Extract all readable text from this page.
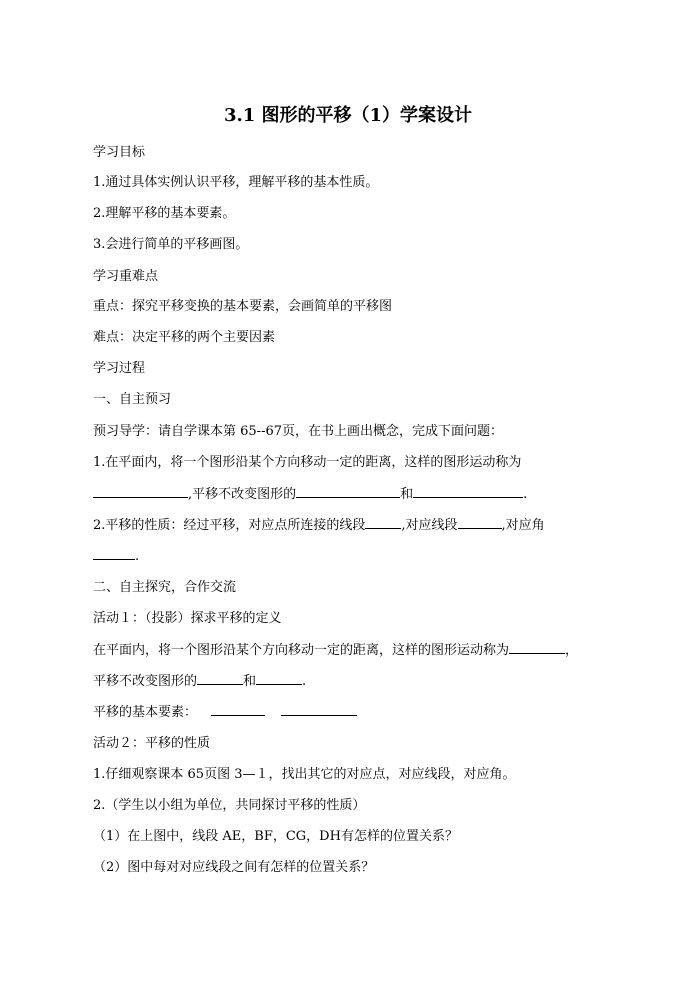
3.1 图形的平移（1）学案设计
学习目标
1.通过具体实例认识平移，理解平移的基本性质。
2.理解平移的基本要素。
3.会进行简单的平移画图。
学习重难点
重点：探究平移变换的基本要素，会画简单的平移图
难点：决定平移的两个主要因素
学习过程
一、自主预习
预习导学：请自学课本第 65--67页，在书上画出概念，完成下面问题：
1.在平面内，将一个图形沿某个方向移动一定的距离，这样的图形运动称为
,平移不改变图形的	和	.
2.平移的性质：经过平移，对应点所连接的线段	,对应线段	,对应角
.
二、自主探究，合作交流
活动１：（投影）探求平移的定义
在平面内，将一个图形沿某个方向移动一定的距离，这样的图形运动称为	，
平移不改变图形的	和	.
平移的基本要素：
活动２：平移的性质
1.仔细观察课本 65页图 3—１，找出其它的对应点，对应线段，对应角。
2.（学生以小组为单位，共同探讨平移的性质）
（1）在上图中，线段 AE，BF，CG，DH有怎样的位置关系？
（2）图中每对对应线段之间有怎样的位置关系？
